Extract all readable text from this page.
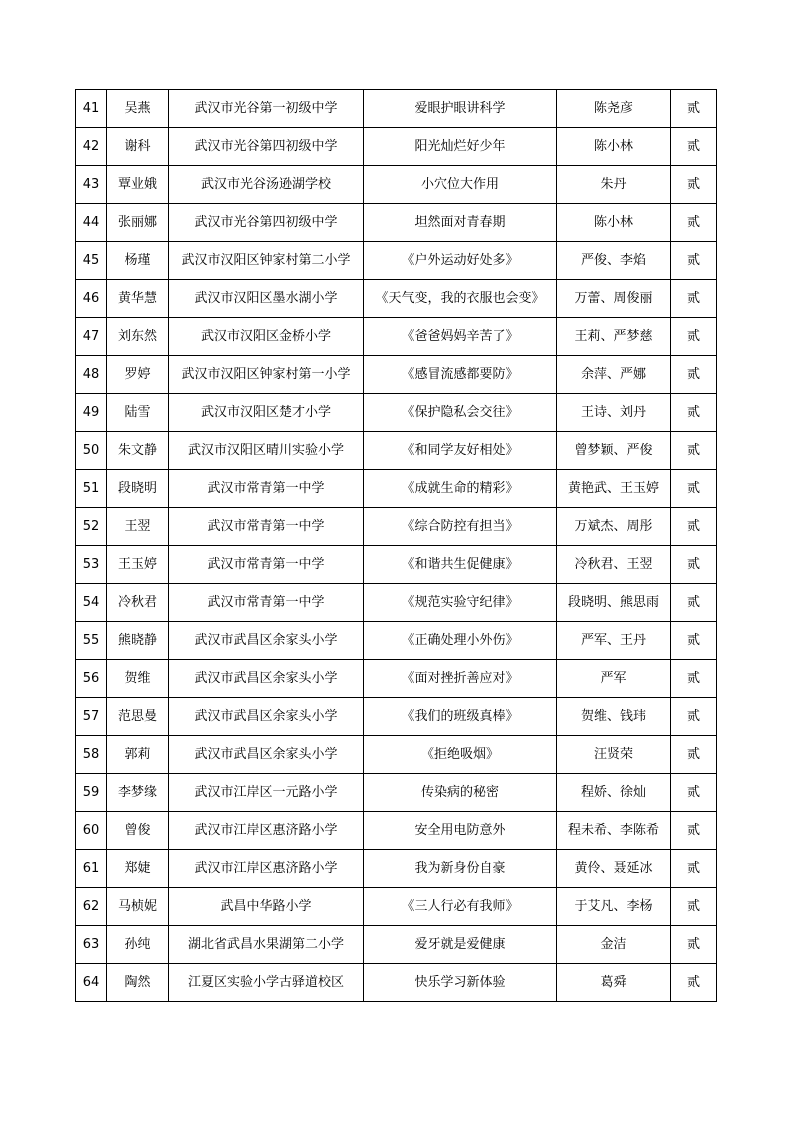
41	吴燕	武汉市光谷第一初级中学	爱眼护眼讲科学	陈尧彦	贰
42	谢科	武汉市光谷第四初级中学	阳光灿烂好少年	陈小林	贰
43	覃业娥	武汉市光谷汤逊湖学校	小穴位大作用	朱丹	贰
44	张丽娜	武汉市光谷第四初级中学	坦然面对青春期	陈小林	贰
45	杨瑾	武汉市汉阳区钟家村第二小学	《户外运动好处多》	严俊、李焰	贰
46	黄华慧	武汉市汉阳区墨水湖小学	《天气变，我的衣服也会变》	万蕾、周俊丽	贰
47	刘东然	武汉市汉阳区金桥小学	《爸爸妈妈辛苦了》	王莉、严梦慈	贰
48	罗婷	武汉市汉阳区钟家村第一小学	《感冒流感都要防》	余萍、严娜	贰
49	陆雪	武汉市汉阳区楚才小学	《保护隐私会交往》	王诗、刘丹	贰
50	朱文静	武汉市汉阳区晴川实验小学	《和同学友好相处》	曾梦颖、严俊	贰
51	段晓明	武汉市常青第一中学	《成就生命的精彩》	黄艳武、王玉婷	贰
52	王翌	武汉市常青第一中学	《综合防控有担当》	万斌杰、周彤	贰
53	王玉婷	武汉市常青第一中学	《和谐共生促健康》	冷秋君、王翌	贰
54	冷秋君	武汉市常青第一中学	《规范实验守纪律》	段晓明、熊思雨	贰
55	熊晓静	武汉市武昌区余家头小学	《正确处理小外伤》	严军、王丹	贰
56	贺维	武汉市武昌区余家头小学	《面对挫折善应对》	严军	贰
57	范思曼	武汉市武昌区余家头小学	《我们的班级真棒》	贺维、钱玮	贰
58	郭莉	武汉市武昌区余家头小学	《拒绝吸烟》	汪贤荣	贰
59	李梦缘	武汉市江岸区一元路小学	传染病的秘密	程娇、徐灿	贰
60	曾俊	武汉市江岸区惠济路小学	安全用电防意外	程未希、李陈希	贰
61	郑婕	武汉市江岸区惠济路小学	我为新身份自豪	黄伶、聂延冰	贰
62	马桢妮	武昌中华路小学	《三人行必有我师》	于艾凡、李杨	贰
63	孙纯	湖北省武昌水果湖第二小学	爱牙就是爱健康	金洁	贰
64	陶然	江夏区实验小学古驿道校区	快乐学习新体验	葛舜	贰
